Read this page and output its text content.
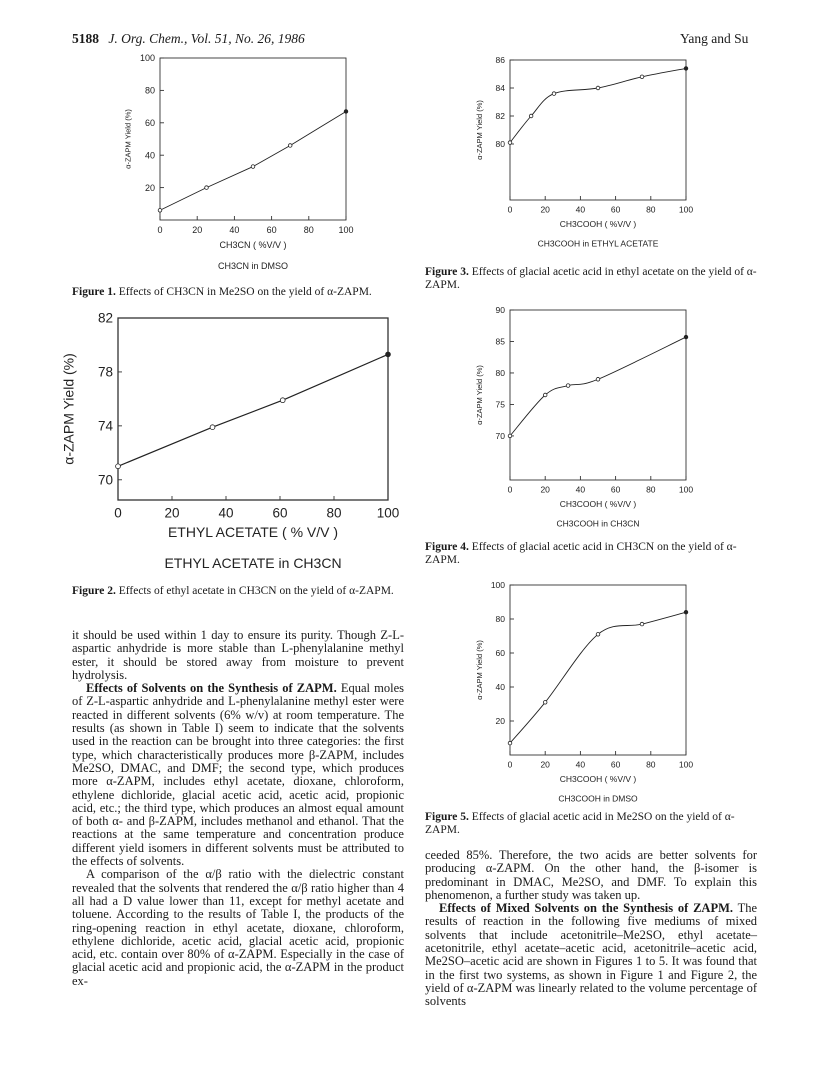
5188 J. Org. Chem., Vol. 51, No. 26, 1986	Yang and Su
0	20	40	60	80	100
20
40
60
80
100
CH3CN ( %V/V )
CH3CN in DMSO
α-ZAPM Yield (%)
Figure 1. Effects of CH3CN in Me2SO on the yield of α-ZAPM.
0	20	40	60	80	100
70
74
78
82
ETHYL ACETATE ( % V/V )
ETHYL ACETATE in CH3CN
α-ZAPM Yield (%)
Figure 2. Effects of ethyl acetate in CH3CN on the yield of α-ZAPM.
0	20	40	60	80	100
80
82
84
86
CH3COOH ( %V/V )
CH3COOH in ETHYL ACETATE
α-ZAPM Yield (%)
Figure 3. Effects of glacial acetic acid in ethyl acetate on the yield of α-ZAPM.
0	20	40	60	80	100
70
75
80
85
90
CH3COOH ( %V/V )
CH3COOH in CH3CN
α-ZAPM Yield (%)
Figure 4. Effects of glacial acetic acid in CH3CN on the yield of α-ZAPM.
0	20	40	60	80	100
20
40
60
80
100
CH3COOH ( %V/V )
CH3COOH in DMSO
α-ZAPM Yield (%)
Figure 5. Effects of glacial acetic acid in Me2SO on the yield of α-ZAPM.

it should be used within 1 day to ensure its purity. Though Z-L-aspartic anhydride is more stable than L-phenylalanine methyl ester, it should be stored away from moisture to prevent hydrolysis.

Effects of Solvents on the Synthesis of ZAPM. Equal moles of Z-L-aspartic anhydride and L-phenylalanine methyl ester were reacted in different solvents (6% w/v) at room temperature. The results (as shown in Table I) seem to indicate that the solvents used in the reaction can be brought into three categories: the first type, which characteristically produces more β-ZAPM, includes Me2SO, DMAC, and DMF; the second type, which produces more α-ZAPM, includes ethyl acetate, dioxane, chloroform, ethylene dichloride, glacial acetic acid, acetic acid, propionic acid, etc.; the third type, which produces an almost equal amount of both α- and β-ZAPM, includes methanol and ethanol. That the reactions at the same temperature and concentration produce different yield isomers in different solvents must be attributed to the effects of solvents.

A comparison of the α/β ratio with the dielectric constant revealed that the solvents that rendered the α/β ratio higher than 4 all had a D value lower than 11, except for methyl acetate and toluene. According to the results of Table I, the products of the ring-opening reaction in ethyl acetate, dioxane, chloroform, ethylene dichloride, acetic acid, glacial acetic acid, propionic acid, etc. contain over 80% of α-ZAPM. Especially in the case of glacial acetic acid and propionic acid, the α-ZAPM in the product ex-

ceeded 85%. Therefore, the two acids are better solvents for producing α-ZAPM. On the other hand, the β-isomer is predominant in DMAC, Me2SO, and DMF. To explain this phenomenon, a further study was taken up.

Effects of Mixed Solvents on the Synthesis of ZAPM. The results of reaction in the following five mediums of mixed solvents that include acetonitrile–Me2SO, ethyl acetate–acetonitrile, ethyl acetate–acetic acid, acetonitrile–acetic acid, Me2SO–acetic acid are shown in Figures 1 to 5. It was found that in the first two systems, as shown in Figure 1 and Figure 2, the yield of α-ZAPM was linearly related to the volume percentage of solvents
